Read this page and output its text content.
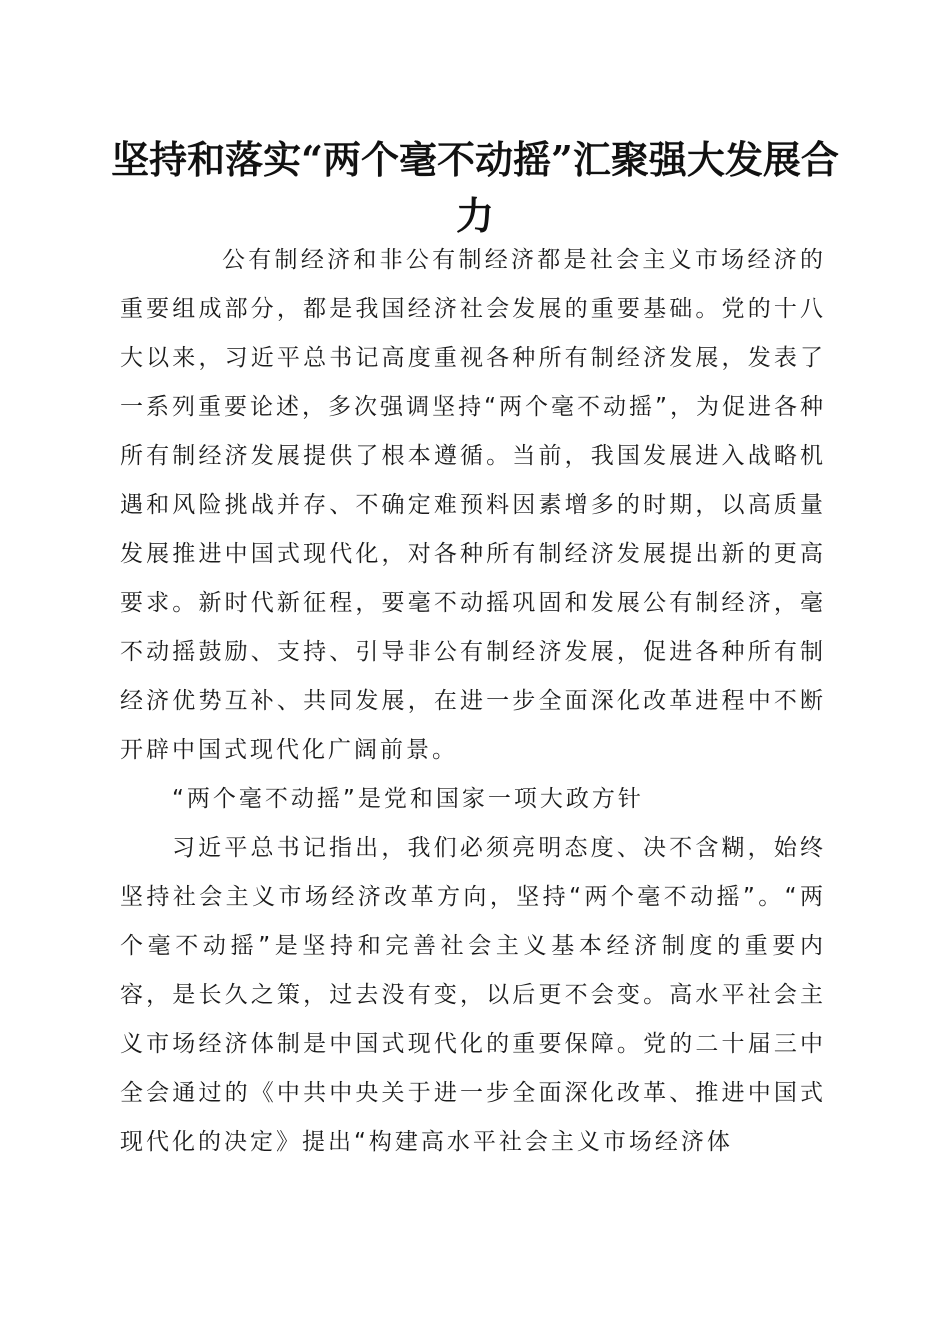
坚持和落实“两个毫不动摇”汇聚强大发展合力

公有制经济和非公有制经济都是社会主义市场经济的重要组成部分，都是我国经济社会发展的重要基础。党的十八大以来，习近平总书记高度重视各种所有制经济发展，发表了一系列重要论述，多次强调坚持“两个毫不动摇”，为促进各种所有制经济发展提供了根本遵循。当前，我国发展进入战略机遇和风险挑战并存、不确定难预料因素增多的时期，以高质量发展推进中国式现代化，对各种所有制经济发展提出新的更高要求。新时代新征程，要毫不动摇巩固和发展公有制经济，毫不动摇鼓励、支持、引导非公有制经济发展，促进各种所有制经济优势互补、共同发展，在进一步全面深化改革进程中不断开辟中国式现代化广阔前景。

“两个毫不动摇”是党和国家一项大政方针

习近平总书记指出，我们必须亮明态度、决不含糊，始终坚持社会主义市场经济改革方向，坚持“两个毫不动摇”。“两个毫不动摇”是坚持和完善社会主义基本经济制度的重要内容，是长久之策，过去没有变，以后更不会变。高水平社会主义市场经济体制是中国式现代化的重要保障。党的二十届三中全会通过的《中共中央关于进一步全面深化改革、推进中国式现代化的决定》提出“构建高水平社会主义市场经济体
